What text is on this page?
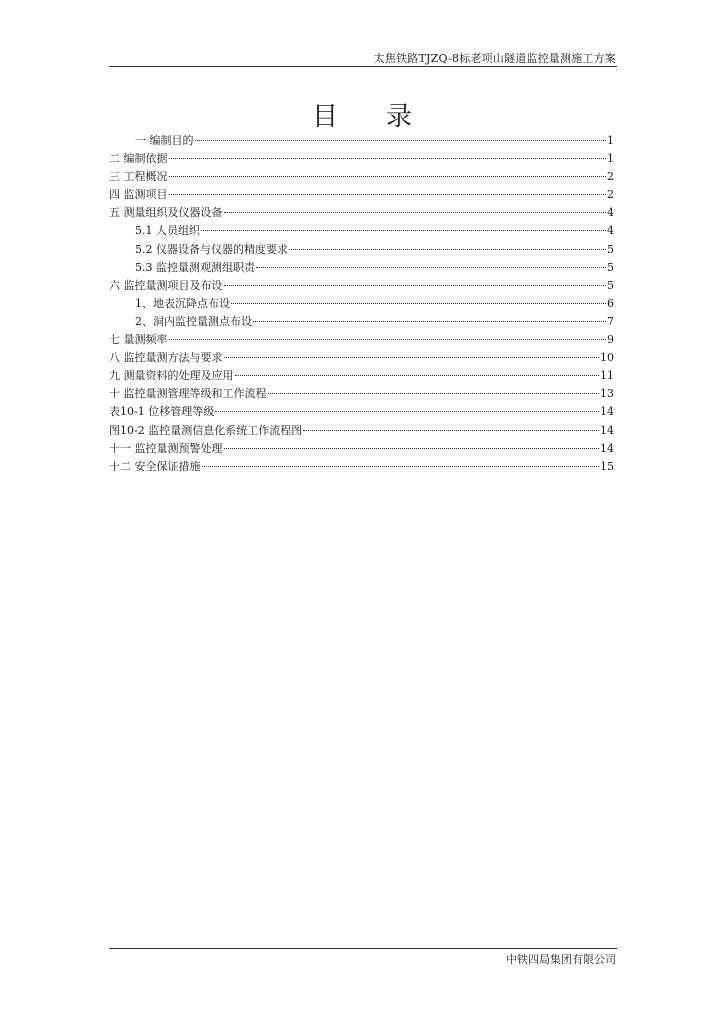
太焦铁路TJZQ-8标老项山隧道监控量测施工方案
目录
一 编制目的	1
二 编制依据	1
三 工程概况	2
四 监测项目	2
五 测量组织及仪器设备	4
5.1 人员组织	4
5.2 仪器设备与仪器的精度要求	5
5.3 监控量测观测组职责	5
六 监控量测项目及布设	5
1、地表沉降点布设	6
2、洞内监控量测点布设	7
七 量测频率	9
八 监控量测方法与要求	10
九 测量资料的处理及应用	11
十 监控量测管理等级和工作流程	13
表10-1 位移管理等级	14
图10-2 监控量测信息化系统工作流程图	14
十一 监控量测预警处理	14
十二 安全保证措施	15
中铁四局集团有限公司
